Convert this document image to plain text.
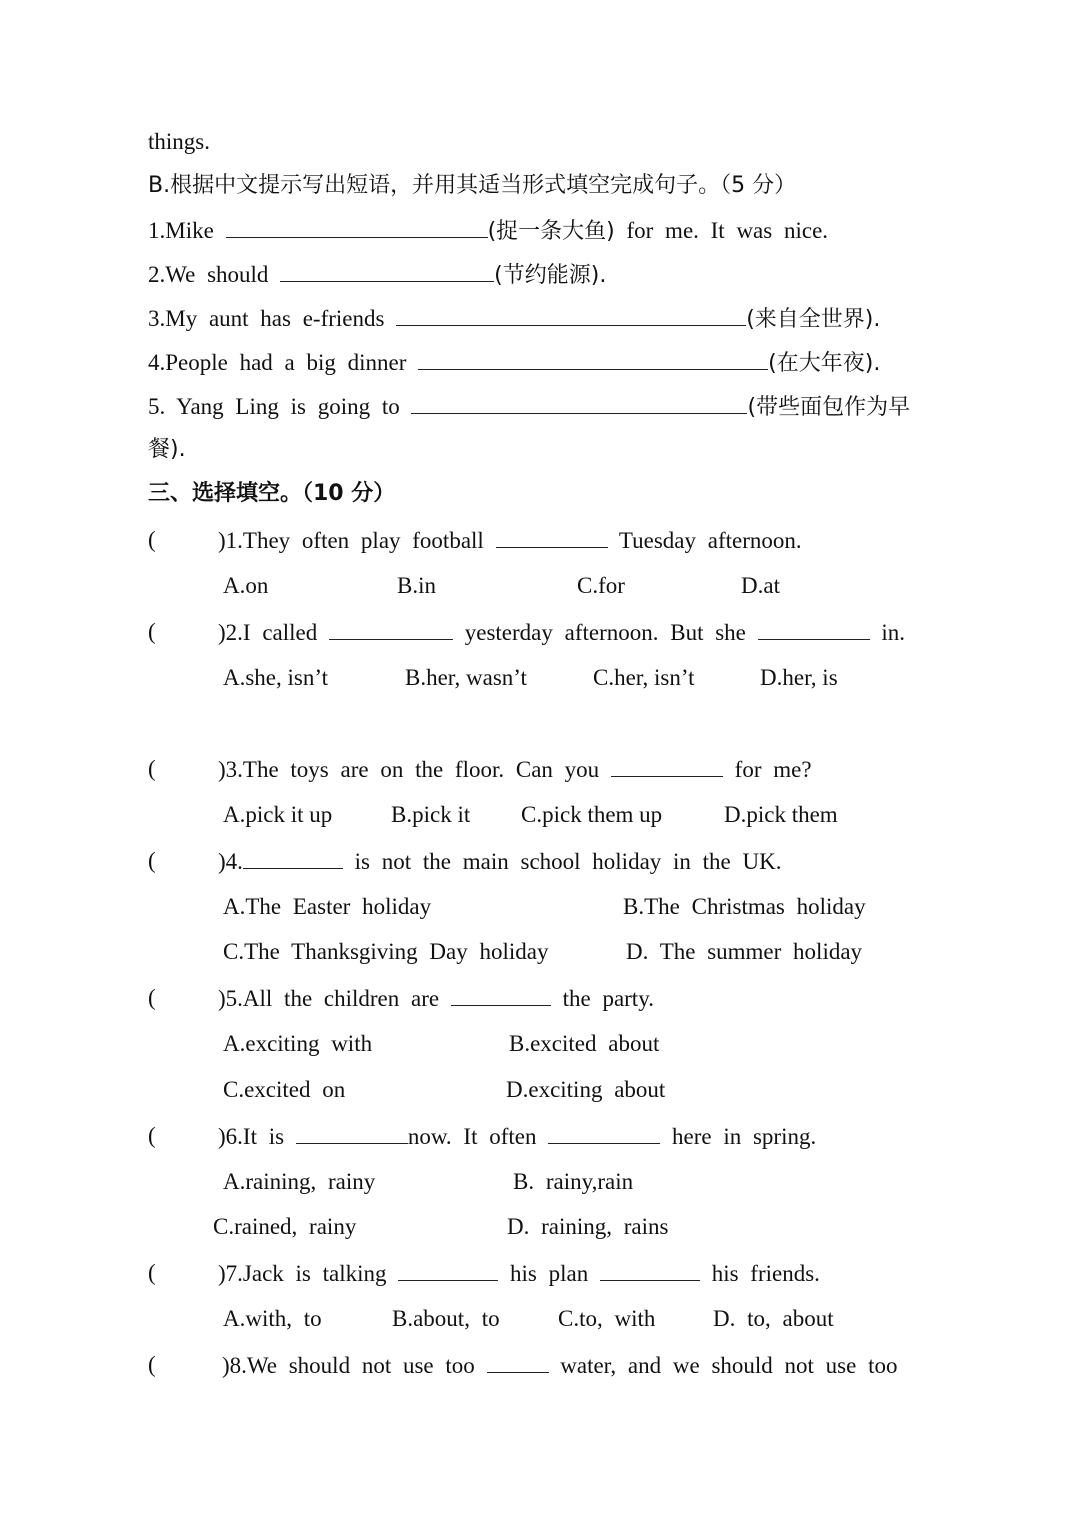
things.
B.根据中文提示写出短语，并用其适当形式填空完成句子。（5 分）
1.Mike	(捉一条大鱼) for me. It was nice.
2.We should	(节约能源).
3.My aunt has e-friends	(来自全世界).
4.People had a big dinner	(在大年夜).
5. Yang Ling is going to	(带些面包作为早
餐).
三、选择填空。（10 分）
(	)1.They often play football	Tuesday afternoon.
A.on	B.in	C.for	D.at
(	)2.I called	yesterday afternoon. But she	in.
A.she, isn’t	B.her, wasn’t	C.her, isn’t	D.her, is
(	)3.The toys are on the floor. Can you	for me?
A.pick it up	B.pick it C.pick them up	D.pick them
(	)4.	is not the main school holiday in the UK.
A.The Easter holiday	B.The Christmas holiday
C.The Thanksgiving Day holiday	D. The summer holiday
(	)5.All the children are	the party.
A.exciting with	B.excited about
C.excited on	D.exciting about
(	)6.It is	now. It often	here in spring.
A.raining, rainy	B. rainy,rain
C.rained, rainy	D. raining, rains
(	)7.Jack is talking	his plan	his friends.
A.with, to	B.about, to	C.to, with	D. to, about
(	)8.We should not use too	water, and we should not use too
